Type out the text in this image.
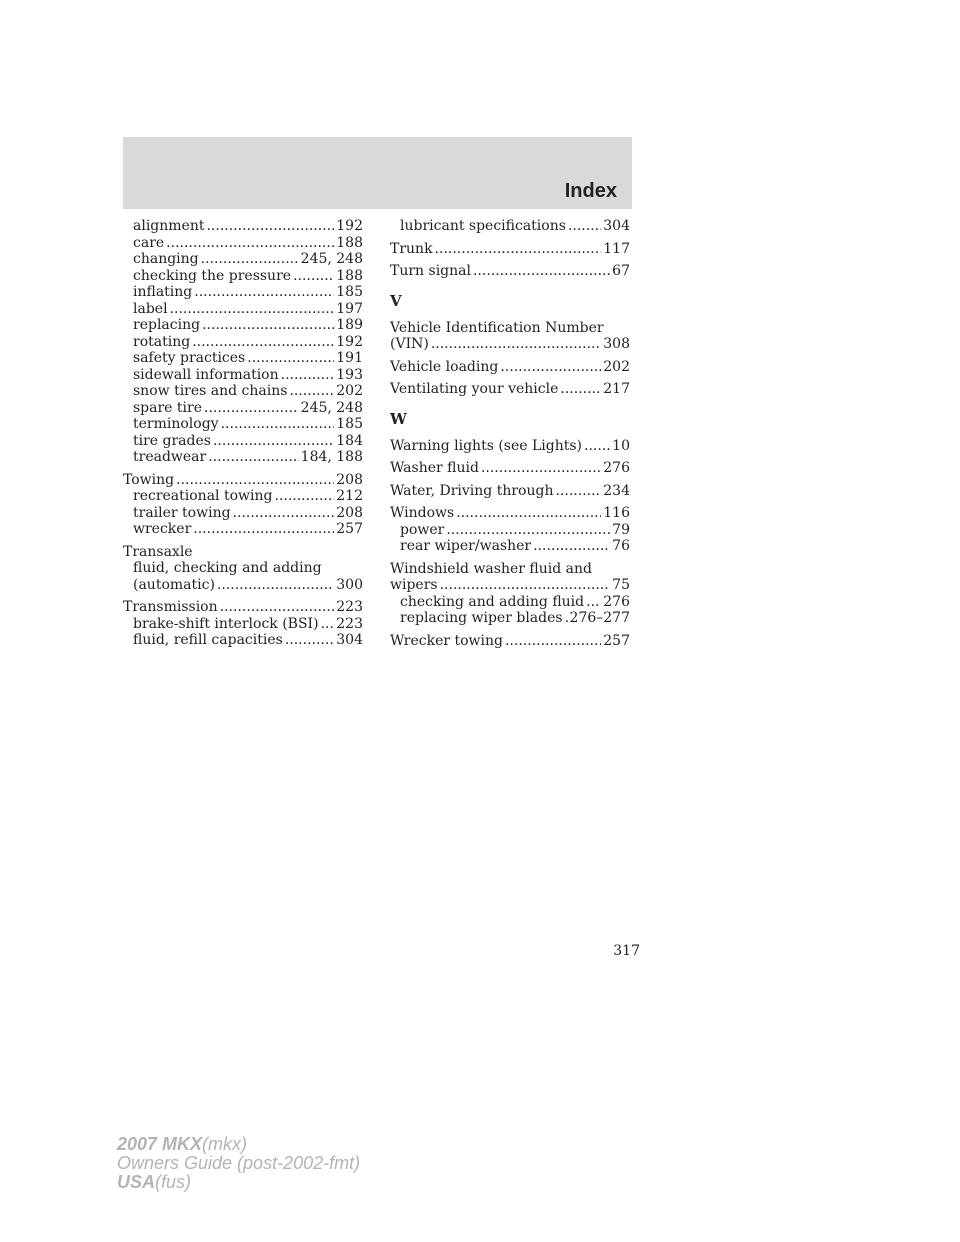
Index
alignment .....	192
care .....	188
changing .....	245, 248
checking the pressure .....	188
inflating .....	185
label .....	197
replacing .....	189
rotating .....	192
safety practices .....	191
sidewall information .....	193
snow tires and chains .....	202
spare tire .....	245, 248
terminology .....	185
tire grades .....	184
treadwear .....	184, 188
Towing .....	208
recreational towing .....	212
trailer towing .....	208
wrecker .....	257
Transaxle
fluid, checking and adding
(automatic) .....	300
Transmission .....	223
brake-shift interlock (BSI) ..... 223
fluid, refill capacities .....	304
lubricant specifications .....	304
Trunk .....	117
Turn signal .....	67
V
Vehicle Identification Number
(VIN) .....	308
Vehicle loading .....	202
Ventilating your vehicle .....	217
W
Warning lights (see Lights) ..... 10
Washer fluid .....	276
Water, Driving through .....	234
Windows .....	116
power .....	79
rear wiper/washer .....	76
Windshield washer fluid and
wipers .....	75
checking and adding fluid ..... 276
replacing wiper blades ..... 276–277
Wrecker towing .....	257
317
2007 MKX(mkx)
Owners Guide (post-2002-fmt)
USA(fus)
